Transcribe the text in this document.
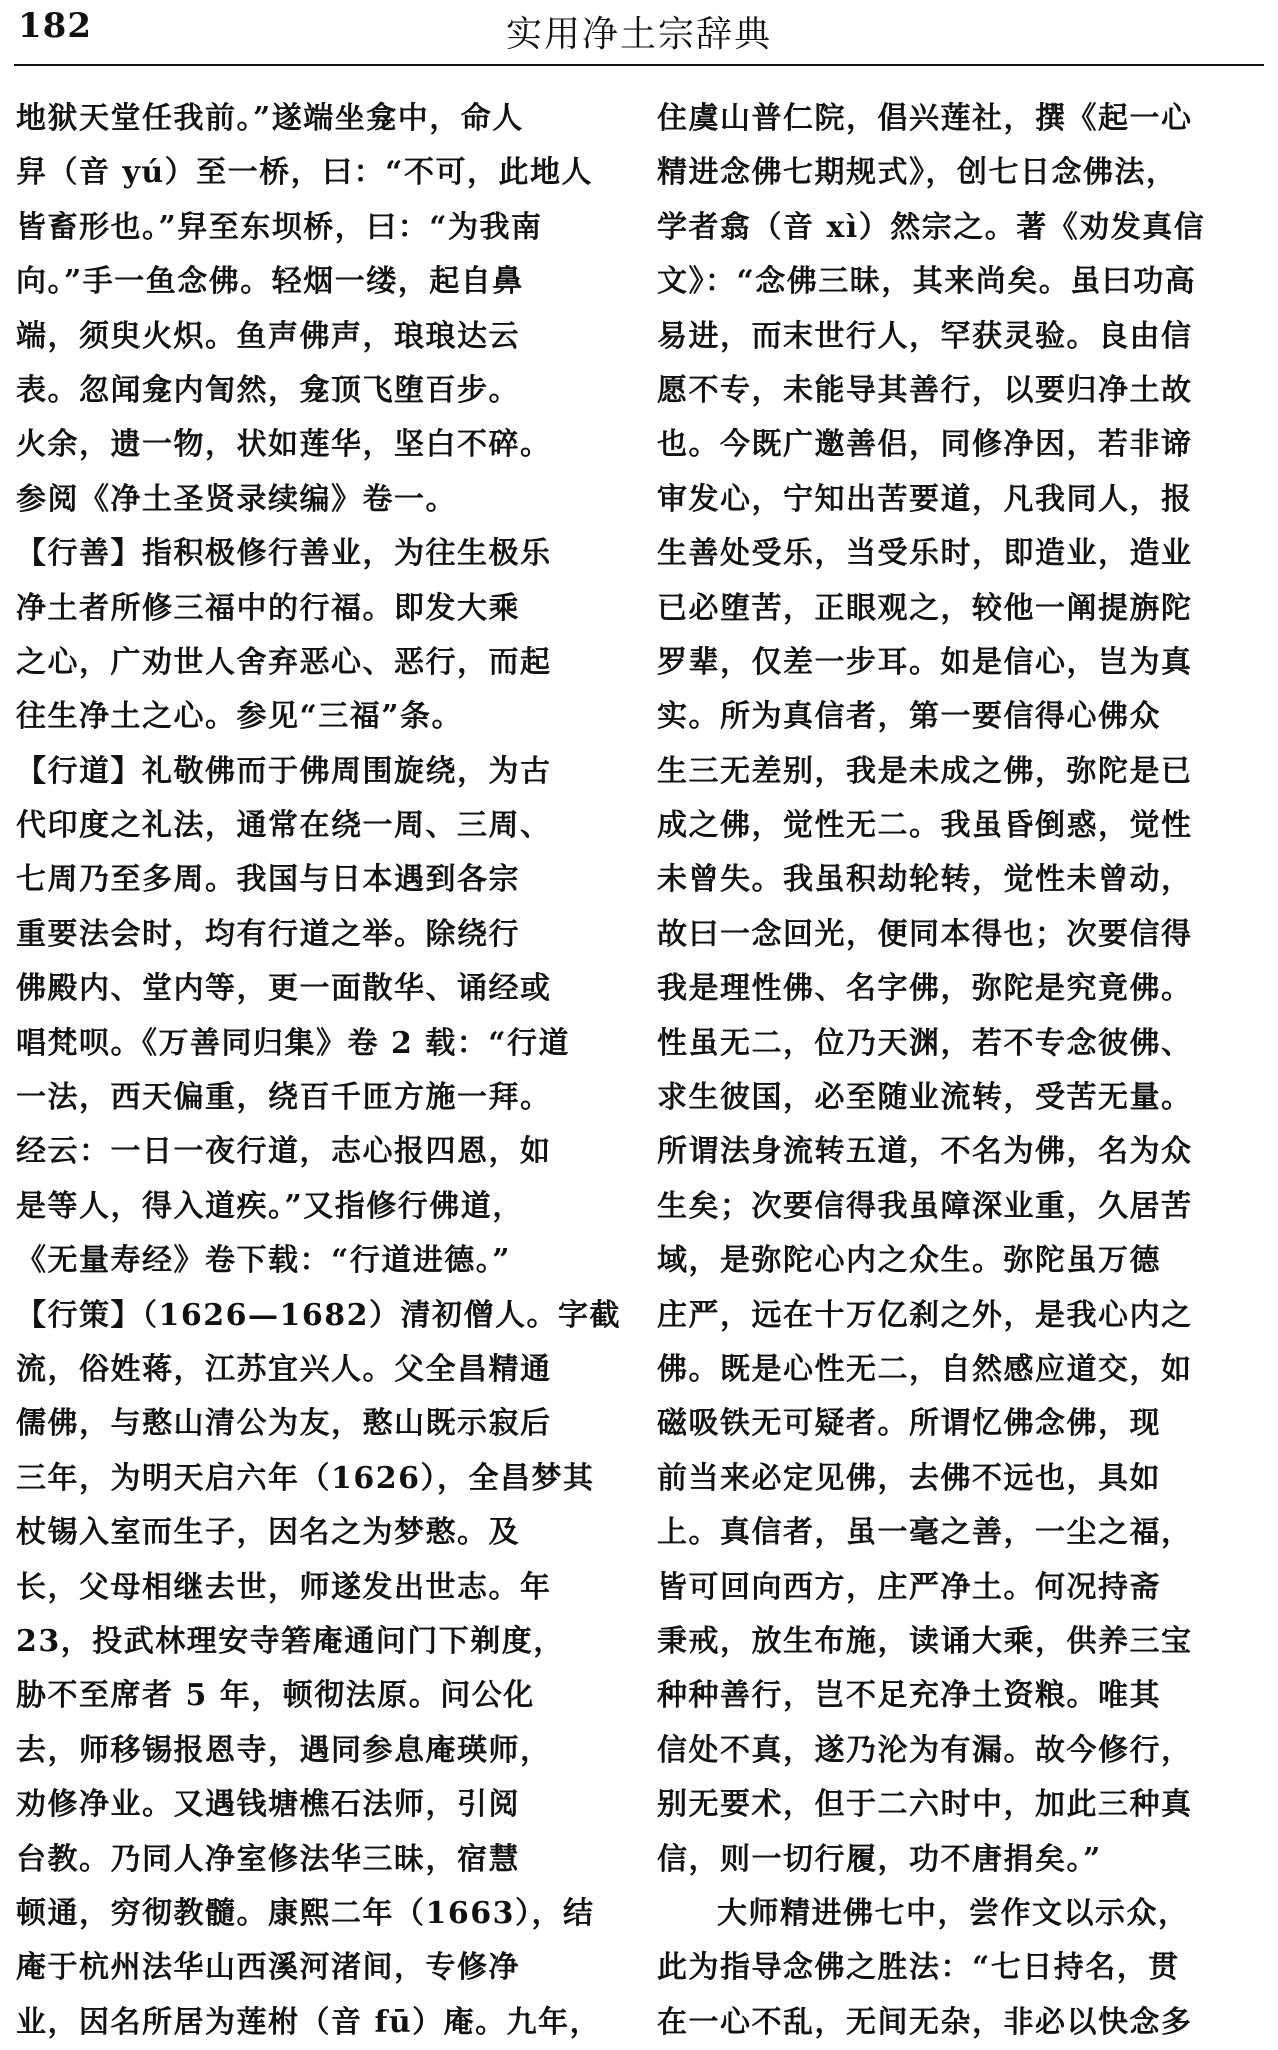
182	实用净土宗辞典
地狱天堂任我前。”遂端坐龛中，命人
舁（音 yú）至一桥，曰：“不可，此地人
皆畜形也。”舁至东坝桥，曰：“为我南
向。”手一鱼念佛。轻烟一缕，起自鼻
端，须臾火炽。鱼声佛声，琅琅达云
表。忽闻龛内訇然，龛顶飞堕百步。
火余，遗一物，状如莲华，坚白不碎。
参阅《净土圣贤录续编》卷一。
【行善】指积极修行善业，为往生极乐
净土者所修三福中的行福。即发大乘
之心，广劝世人舍弃恶心、恶行，而起
往生净土之心。参见“三福”条。
【行道】礼敬佛而于佛周围旋绕，为古
代印度之礼法，通常在绕一周、三周、
七周乃至多周。我国与日本遇到各宗
重要法会时，均有行道之举。除绕行
佛殿内、堂内等，更一面散华、诵经或
唱梵呗。《万善同归集》卷 2 载：“行道
一法，西天偏重，绕百千匝方施一拜。
经云：一日一夜行道，志心报四恩，如
是等人，得入道疾。”又指修行佛道，
《无量寿经》卷下载：“行道进德。”
【行策】（1626—1682）清初僧人。字截
流，俗姓蒋，江苏宜兴人。父全昌精通
儒佛，与憨山清公为友，憨山既示寂后
三年，为明天启六年（1626），全昌梦其
杖锡入室而生子，因名之为梦憨。及
长，父母相继去世，师遂发出世志。年
23，投武林理安寺箬庵通问门下剃度，
胁不至席者 5 年，顿彻法原。问公化
去，师移锡报恩寺，遇同参息庵瑛师，
劝修净业。又遇钱塘樵石法师，引阅
台教。乃同人净室修法华三昧，宿慧
顿通，穷彻教髓。康熙二年（1663），结
庵于杭州法华山西溪河渚间，专修净
业，因名所居为莲柎（音 fū）庵。九年，
住虞山普仁院，倡兴莲社，撰《起一心
精进念佛七期规式》，创七日念佛法，
学者翕（音 xì）然宗之。著《劝发真信
文》：“念佛三昧，其来尚矣。虽曰功高
易进，而末世行人，罕获灵验。良由信
愿不专，未能导其善行，以要归净土故
也。今既广邀善侣，同修净因，若非谛
审发心，宁知出苦要道，凡我同人，报
生善处受乐，当受乐时，即造业，造业
已必堕苦，正眼观之，较他一阐提旃陀
罗辈，仅差一步耳。如是信心，岂为真
实。所为真信者，第一要信得心佛众
生三无差别，我是未成之佛，弥陀是已
成之佛，觉性无二。我虽昏倒惑，觉性
未曾失。我虽积劫轮转，觉性未曾动，
故曰一念回光，便同本得也；次要信得
我是理性佛、名字佛，弥陀是究竟佛。
性虽无二，位乃天渊，若不专念彼佛、
求生彼国，必至随业流转，受苦无量。
所谓法身流转五道，不名为佛，名为众
生矣；次要信得我虽障深业重，久居苦
域，是弥陀心内之众生。弥陀虽万德
庄严，远在十万亿刹之外，是我心内之
佛。既是心性无二，自然感应道交，如
磁吸铁无可疑者。所谓忆佛念佛，现
前当来必定见佛，去佛不远也，具如
上。真信者，虽一毫之善，一尘之福，
皆可回向西方，庄严净土。何况持斋
秉戒，放生布施，读诵大乘，供养三宝
种种善行，岂不足充净土资粮。唯其
信处不真，遂乃沦为有漏。故今修行，
别无要术，但于二六时中，加此三种真
信，则一切行履，功不唐捐矣。”
大师精进佛七中，尝作文以示众，
此为指导念佛之胜法：“七日持名，贯
在一心不乱，无间无杂，非必以快念多
